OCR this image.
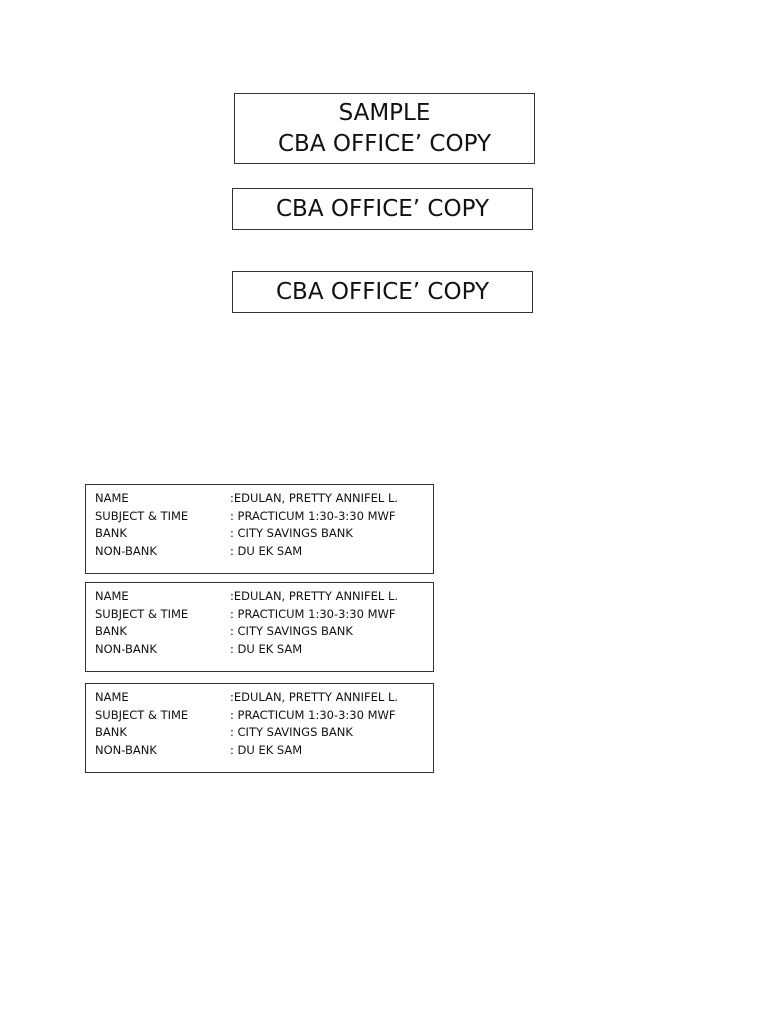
SAMPLE
CBA OFFICE’ COPY
CBA OFFICE’ COPY
CBA OFFICE’ COPY
NAME	:EDULAN, PRETTY ANNIFEL L.
SUBJECT & TIME	: PRACTICUM 1:30-3:30 MWF
BANK	: CITY SAVINGS BANK
NON-BANK	: DU EK SAM
NAME	:EDULAN, PRETTY ANNIFEL L.
SUBJECT & TIME	: PRACTICUM 1:30-3:30 MWF
BANK	: CITY SAVINGS BANK
NON-BANK	: DU EK SAM
NAME	:EDULAN, PRETTY ANNIFEL L.
SUBJECT & TIME	: PRACTICUM 1:30-3:30 MWF
BANK	: CITY SAVINGS BANK
NON-BANK	: DU EK SAM
